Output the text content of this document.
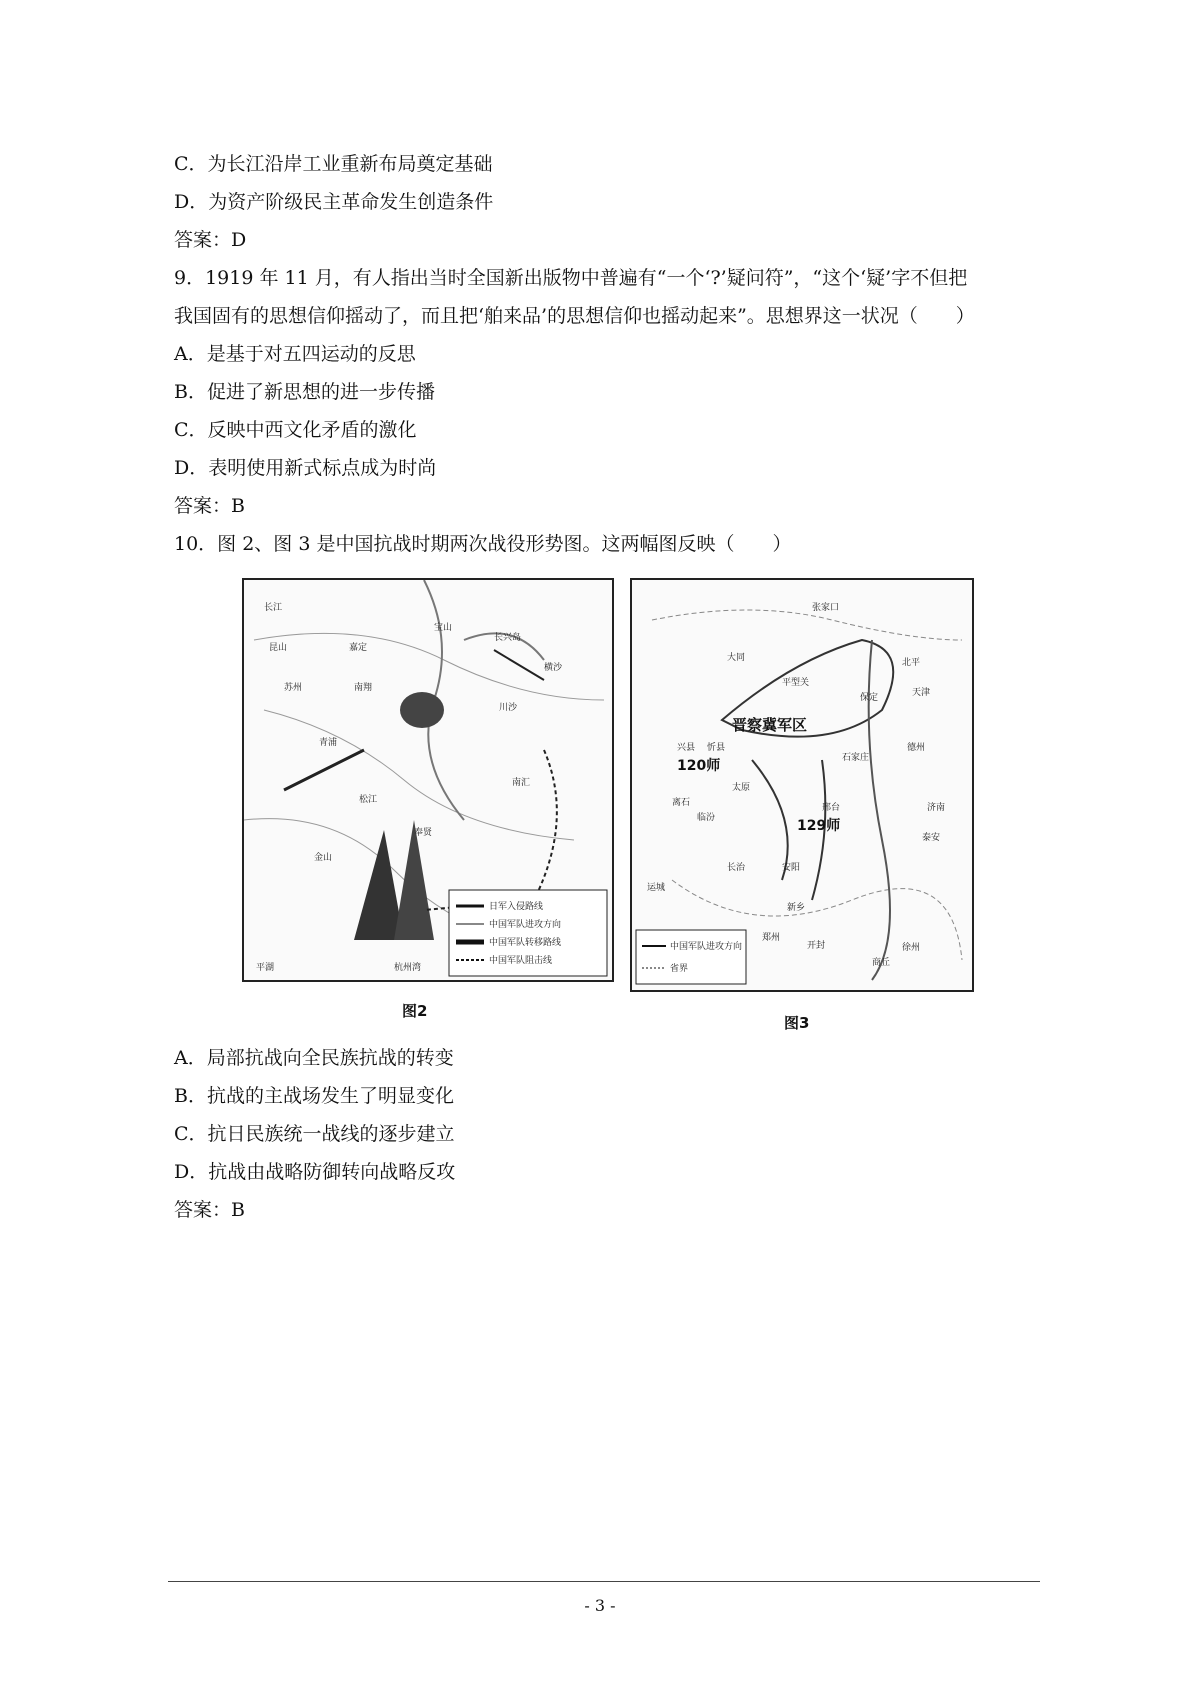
C．为长江沿岸工业重新布局奠定基础
D．为资产阶级民主革命发生创造条件
答案：D
9．1919 年 11 月，有人指出当时全国新出版物中普遍有“一个‘?’疑问符”，“这个‘疑’字不但把
我国固有的思想信仰摇动了，而且把‘舶来品’的思想信仰也摇动起来”。思想界这一状况（　　）
A．是基于对五四运动的反思
B．促进了新思想的进一步传播
C．反映中西文化矛盾的激化
D．表明使用新式标点成为时尚
答案：B
10．图 2、图 3 是中国抗战时期两次战役形势图。这两幅图反映（　　）
长江
昆山	嘉定
南翔
苏州
青浦
松江
金山
平湖
川沙
南汇
奉贤
长兴岛
横沙
宝山
杭州湾
日军入侵路线
中国军队进攻方向
中国军队转移路线
中国军队阻击线
图2
晋察冀军区
120师
129师
张家口
大同
平型关
保定
忻县
太原
石家庄
邢台
安阳
长治
临汾
运城
新乡
开封
郑州
济南
泰安
徐州
商丘
德州
天津
北平
兴县
离石
中国军队进攻方向
省界
图3
A．局部抗战向全民族抗战的转变
B．抗战的主战场发生了明显变化
C．抗日民族统一战线的逐步建立
D．抗战由战略防御转向战略反攻
答案：B
- 3 -
